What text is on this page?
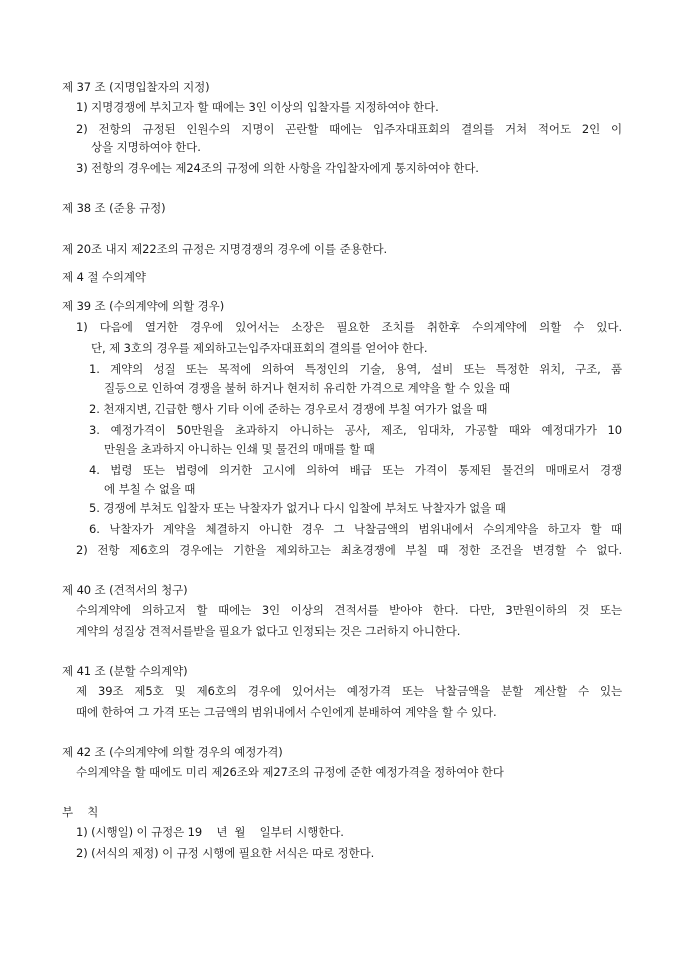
제 37 조 (지명입찰자의 지정)
1) 지명경쟁에 부치고자 할 때에는 3인 이상의 입찰자를 지정하여야 한다.
2) 전항의 규정된 인원수의 지명이 곤란할 때에는 입주자대표회의 결의를 거쳐 적어도 2인 이
상을 지명하여야 한다.
3) 전항의 경우에는 제24조의 규정에 의한 사항을 각입찰자에게 통지하여야 한다.
제 38 조 (준용 규정)
제 20조 내지 제22조의 규정은 지명경쟁의 경우에 이를 준용한다.
제 4 절 수의계약
제 39 조 (수의계약에 의할 경우)
1) 다음에 열거한 경우에 있어서는 소장은 필요한 조치를 취한후 수의계약에 의할 수 있다.
단, 제 3호의 경우를 제외하고는입주자대표회의 결의를 얻어야 한다.
1. 계약의 성질 또는 목적에 의하여 특정인의 기술, 용역, 설비 또는 특정한 위치, 구조, 품
질등으로 인하여 경쟁을 불허 하거나 현저히 유리한 가격으로 계약을 할 수 있을 때
2. 천재지변, 긴급한 행사 기타 이에 준하는 경우로서 경쟁에 부칠 여가가 없을 때
3. 예정가격이 50만원을 초과하지 아니하는 공사, 제조, 임대차, 가공할 때와 예정대가가 10
만원을 초과하지 아니하는 인쇄 및 물건의 매매를 할 때
4. 법령 또는 법령에 의거한 고시에 의하여 배급 또는 가격이 통제된 물건의 매매로서 경쟁
에 부칠 수 없을 때
5. 경쟁에 부쳐도 입찰자 또는 낙찰자가 없거나 다시 입찰에 부쳐도 낙찰자가 없을 때
6. 낙찰자가 계약을 체결하지 아니한 경우 그 낙찰금액의 범위내에서 수의계약을 하고자 할 때
2) 전항 제6호의 경우에는 기한을 제외하고는 최초경쟁에 부칠 때 정한 조건을 변경할 수 없다.
제 40 조 (견적서의 청구)
수의계약에 의하고저 할 때에는 3인 이상의 견적서를 받아야 한다. 다만, 3만원이하의 것 또는
계약의 성질상 견적서를받을 필요가 없다고 인정되는 것은 그러하지 아니한다.
제 41 조 (분할 수의계약)
제 39조 제5호 및 제6호의 경우에 있어서는 예정가격 또는 낙찰금액을 분할 계산할 수 있는
때에 한하여 그 가격 또는 그금액의 범위내에서 수인에게 분배하여 계약을 할 수 있다.
제 42 조 (수의계약에 의할 경우의 예정가격)
수의계약을 할 때에도 미리 제26조와 제27조의 규정에 준한 예정가격을 정하여야 한다
부    칙
1) (시행일) 이 규정은 19    년  월    일부터 시행한다.
2) (서식의 제정) 이 규정 시행에 필요한 서식은 따로 정한다.
